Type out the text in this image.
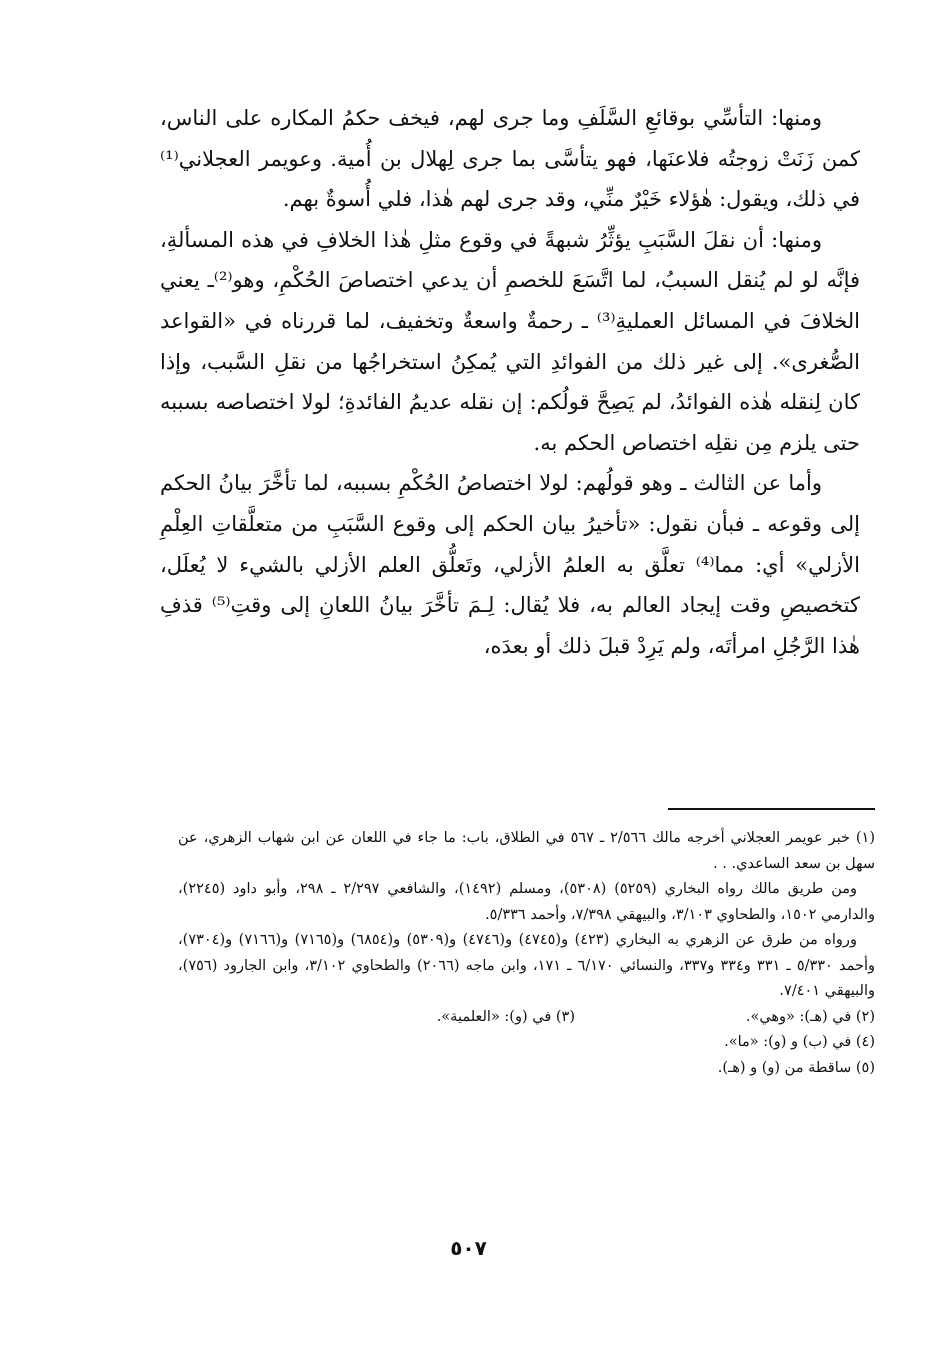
ومنها: التأسِّي بوقائعِ السَّلَفِ وما جرى لهم، فيخف حكمُ المكاره على الناس، كمن زَنَتْ زوجتُه فلاعنَها، فهو يتأسَّى بما جرى لِهلال بن أُمية. وعويمر العجلاني⁽¹⁾ في ذلك، ويقول: هٰؤلاء خَيْرٌ منِّي، وقد جرى لهم هٰذا، فلي أُسوةٌ بهم.

ومنها: أن نقلَ السَّبَبِ يؤثِّرُ شبهةً في وقوع مثلِ هٰذا الخلافِ في هذه المسألةِ، فإنَّه لو لم يُنقل السببُ، لما اتَّسَعَ للخصمِ أن يدعي اختصاصَ الحُكْمِ، وهو⁽²⁾ـ يعني الخلافَ في المسائل العمليةِ⁽³⁾ ـ رحمةٌ واسعةٌ وتخفيف، لما قررناه في «القواعد الصُّغرى». إلى غير ذلك من الفوائدِ التي يُمكِنُ استخراجُها من نقلِ السَّبب، وإذا كان لِنقله هٰذه الفوائدُ، لم يَصِحَّ قولُكم: إن نقله عديمُ الفائدةِ؛ لولا اختصاصه بسببه حتى يلزم مِن نقلِه اختصاص الحكم به.

وأما عن الثالث ـ وهو قولُهم: لولا اختصاصُ الحُكْمِ بسببه، لما تأخَّرَ بيانُ الحكم إلى وقوعه ـ فبأن نقول: «تأخيرُ بيان الحكم إلى وقوع السَّبَبِ من متعلَّقاتِ العِلْمِ الأزلي» أي: مما⁽⁴⁾ تعلَّق به العلمُ الأزلي، وتَعلُّق العلم الأزلي بالشيء لا يُعلَل، كتخصيصِ وقت إيجاد العالم به، فلا يُقال: لِـمَ تأخَّرَ بيانُ اللعانِ إلى وقتِ⁽⁵⁾ قذفِ هٰذا الرَّجُلِ امرأتَه، ولم يَرِدْ قبلَ ذلك أو بعدَه،

(١) خبر عويمر العجلاني أخرجه مالك ٢/٥٦٦ ـ ٥٦٧ في الطلاق، باب: ما جاء في اللعان عن ابن شهاب الزهري، عن سهل بن سعد الساعدي. . .

ومن طريق مالك رواه البخاري (٥٢٥٩) (٥٣٠٨)، ومسلم (١٤٩٢)، والشافعي ٢/٢٩٧ ـ ٢٩٨، وأبو داود (٢٢٤٥)، والدارمي ١٥٠٢، والطحاوي ٣/١٠٣، والبيهقي ٧/٣٩٨، وأحمد ٥/٣٣٦.

ورواه من طرق عن الزهري به البخاري (٤٢٣) و(٤٧٤٥) و(٤٧٤٦) و(٥٣٠٩) و(٦٨٥٤) و(٧١٦٥) و(٧١٦٦) و(٧٣٠٤)، وأحمد ٥/٣٣٠ ـ ٣٣١ و٣٣٤ و٣٣٧، والنسائي ٦/١٧٠ ـ ١٧١، وابن ماجه (٢٠٦٦) والطحاوي ٣/١٠٢، وابن الجارود (٧٥٦)، والبيهقي ٧/٤٠١.

(٢) في (هـ): «وهي».

(٣) في (و): «العلمية».

(٤) في (ب) و (و): «ما».

(٥) ساقطة من (و) و (هـ).

٥٠٧
